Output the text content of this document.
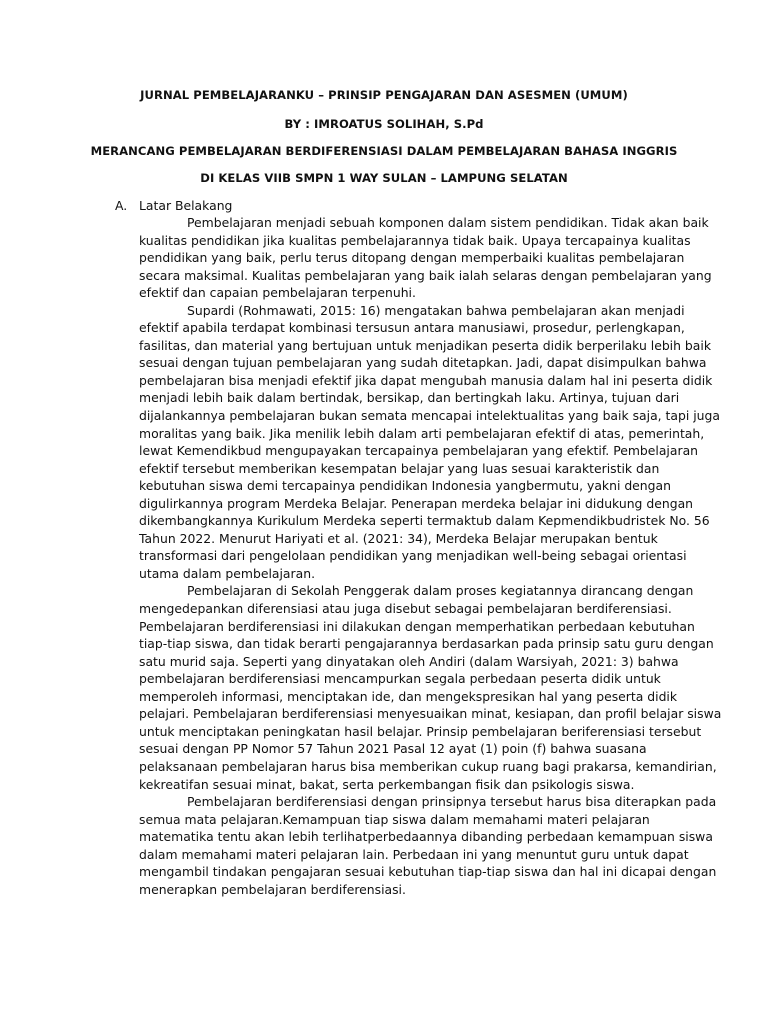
JURNAL PEMBELAJARANKU – PRINSIP PENGAJARAN DAN ASESMEN (UMUM)
BY : IMROATUS SOLIHAH, S.Pd
MERANCANG PEMBELAJARAN BERDIFERENSIASI DALAM PEMBELAJARAN BAHASA INGGRIS
DI KELAS VIIB SMPN 1 WAY SULAN – LAMPUNG SELATAN
A. Latar Belakang
Pembelajaran menjadi sebuah komponen dalam sistem pendidikan. Tidak akan baik
kualitas pendidikan jika kualitas pembelajarannya tidak baik. Upaya tercapainya kualitas
pendidikan yang baik, perlu terus ditopang dengan memperbaiki kualitas pembelajaran
secara maksimal. Kualitas pembelajaran yang baik ialah selaras dengan pembelajaran yang
efektif dan capaian pembelajaran terpenuhi.
Supardi (Rohmawati, 2015: 16) mengatakan bahwa pembelajaran akan menjadi
efektif apabila terdapat kombinasi tersusun antara manusiawi, prosedur, perlengkapan,
fasilitas, dan material yang bertujuan untuk menjadikan peserta didik berperilaku lebih baik
sesuai dengan tujuan pembelajaran yang sudah ditetapkan. Jadi, dapat disimpulkan bahwa
pembelajaran bisa menjadi efektif jika dapat mengubah manusia dalam hal ini peserta didik
menjadi lebih baik dalam bertindak, bersikap, dan bertingkah laku. Artinya, tujuan dari
dijalankannya pembelajaran bukan semata mencapai intelektualitas yang baik saja, tapi juga
moralitas yang baik. Jika menilik lebih dalam arti pembelajaran efektif di atas, pemerintah,
lewat Kemendikbud mengupayakan tercapainya pembelajaran yang efektif. Pembelajaran
efektif tersebut memberikan kesempatan belajar yang luas sesuai karakteristik dan
kebutuhan siswa demi tercapainya pendidikan Indonesia yangbermutu, yakni dengan
digulirkannya program Merdeka Belajar. Penerapan merdeka belajar ini didukung dengan
dikembangkannya Kurikulum Merdeka seperti termaktub dalam Kepmendikbudristek No. 56
Tahun 2022. Menurut Hariyati et al. (2021: 34), Merdeka Belajar merupakan bentuk
transformasi dari pengelolaan pendidikan yang menjadikan well-being sebagai orientasi
utama dalam pembelajaran.
Pembelajaran di Sekolah Penggerak dalam proses kegiatannya dirancang dengan
mengedepankan diferensiasi atau juga disebut sebagai pembelajaran berdiferensiasi.
Pembelajaran berdiferensiasi ini dilakukan dengan memperhatikan perbedaan kebutuhan
tiap-tiap siswa, dan tidak berarti pengajarannya berdasarkan pada prinsip satu guru dengan
satu murid saja. Seperti yang dinyatakan oleh Andiri (dalam Warsiyah, 2021: 3) bahwa
pembelajaran berdiferensiasi mencampurkan segala perbedaan peserta didik untuk
memperoleh informasi, menciptakan ide, dan mengekspresikan hal yang peserta didik
pelajari. Pembelajaran berdiferensiasi menyesuaikan minat, kesiapan, dan profil belajar siswa
untuk menciptakan peningkatan hasil belajar. Prinsip pembelajaran beriferensiasi tersebut
sesuai dengan PP Nomor 57 Tahun 2021 Pasal 12 ayat (1) poin (f) bahwa suasana
pelaksanaan pembelajaran harus bisa memberikan cukup ruang bagi prakarsa, kemandirian,
kekreatifan sesuai minat, bakat, serta perkembangan fisik dan psikologis siswa.
Pembelajaran berdiferensiasi dengan prinsipnya tersebut harus bisa diterapkan pada
semua mata pelajaran.Kemampuan tiap siswa dalam memahami materi pelajaran
matematika tentu akan lebih terlihatperbedaannya dibanding perbedaan kemampuan siswa
dalam memahami materi pelajaran lain. Perbedaan ini yang menuntut guru untuk dapat
mengambil tindakan pengajaran sesuai kebutuhan tiap-tiap siswa dan hal ini dicapai dengan
menerapkan pembelajaran berdiferensiasi.
